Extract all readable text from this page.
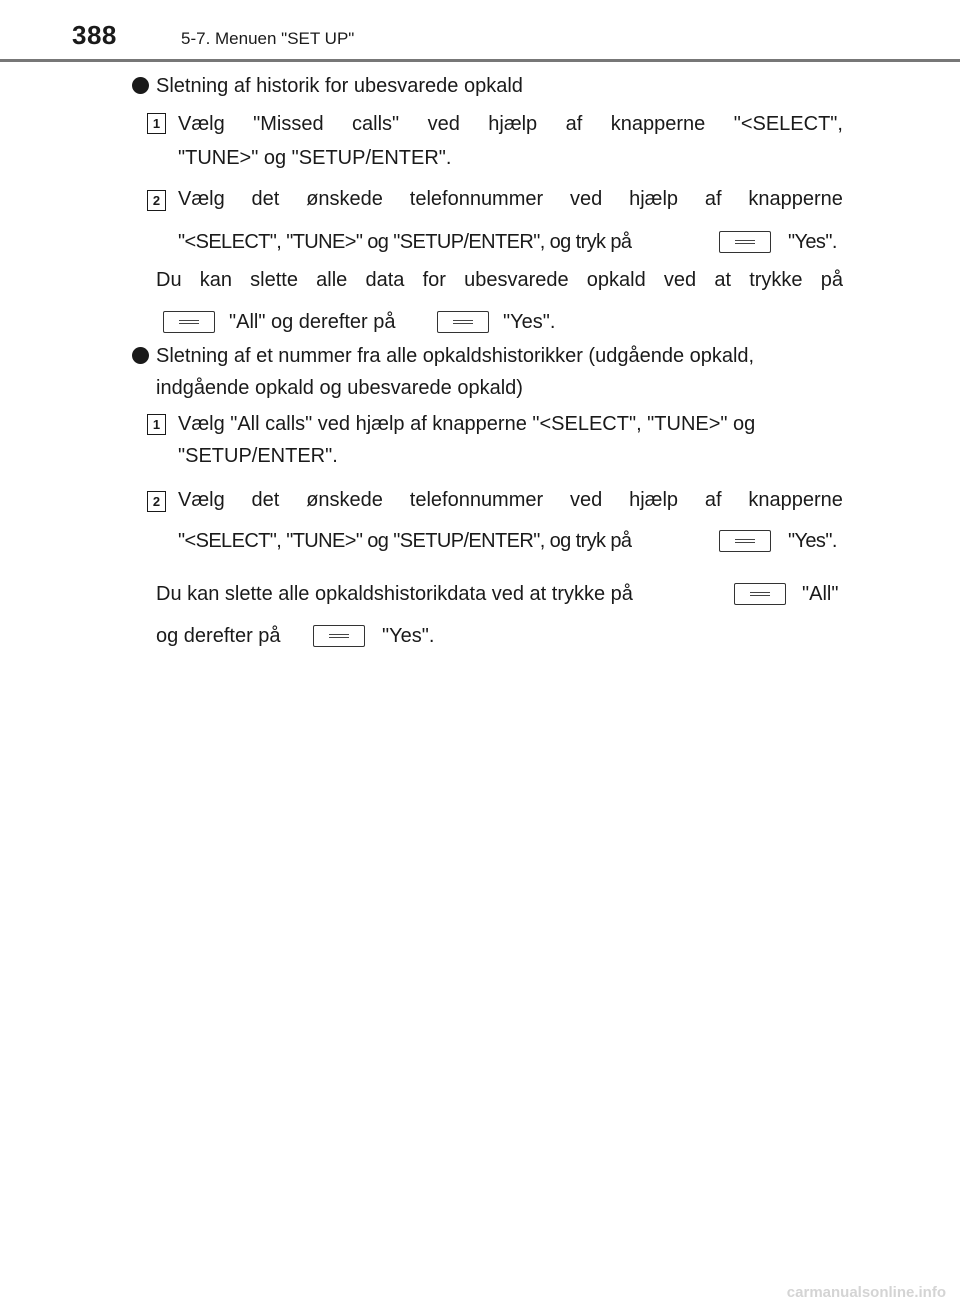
388	5-7. Menuen "SET UP"
Sletning af historik for ubesvarede opkald
1 Vælg "Missed calls" ved hjælp af knapperne "<SELECT",
"TUNE>" og "SETUP/ENTER".
2 Vælg det ønskede telefonnummer ved hjælp af knapperne
"<SELECT", "TUNE>" og "SETUP/ENTER", og tryk på	"Yes".
Du kan slette alle data for ubesvarede opkald ved at trykke på
"All" og derefter på	"Yes".
Sletning af et nummer fra alle opkaldshistorikker (udgående opkald,
indgående opkald og ubesvarede opkald)
1 Vælg "All calls" ved hjælp af knapperne "<SELECT", "TUNE>" og
"SETUP/ENTER".
2 Vælg det ønskede telefonnummer ved hjælp af knapperne
"<SELECT", "TUNE>" og "SETUP/ENTER", og tryk på	"Yes".
Du kan slette alle opkaldshistorikdata ved at trykke på	"All"
og derefter på	"Yes".
carmanualsonline.info
